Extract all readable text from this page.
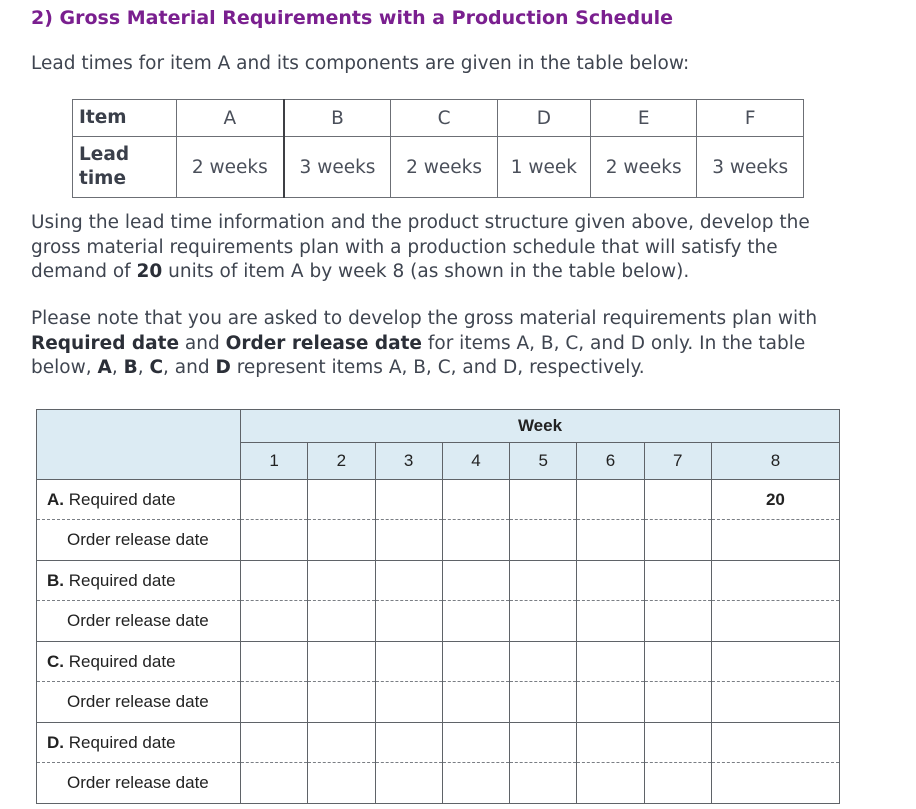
2) Gross Material Requirements with a Production Schedule

Lead times for item A and its components are given in the table below:

Item	A	B	C	D	E	F
Lead
time	2 weeks	3 weeks	2 weeks	1 week	2 weeks	3 weeks

Using the lead time information and the product structure given above, develop the gross material requirements plan with a production schedule that will satisfy the demand of 20 units of item A by week 8 (as shown in the table below).

Please note that you are asked to develop the gross material requirements plan with Required date and Order release date for items A, B, C, and D only. In the table below, A, B, C, and D represent items A, B, C, and D, respectively.

	Week							
	1	2	3	4	5	6	7	8
A. Required date								20
Order release date								
B. Required date								
Order release date								
C. Required date								
Order release date								
D. Required date								
Order release date								
